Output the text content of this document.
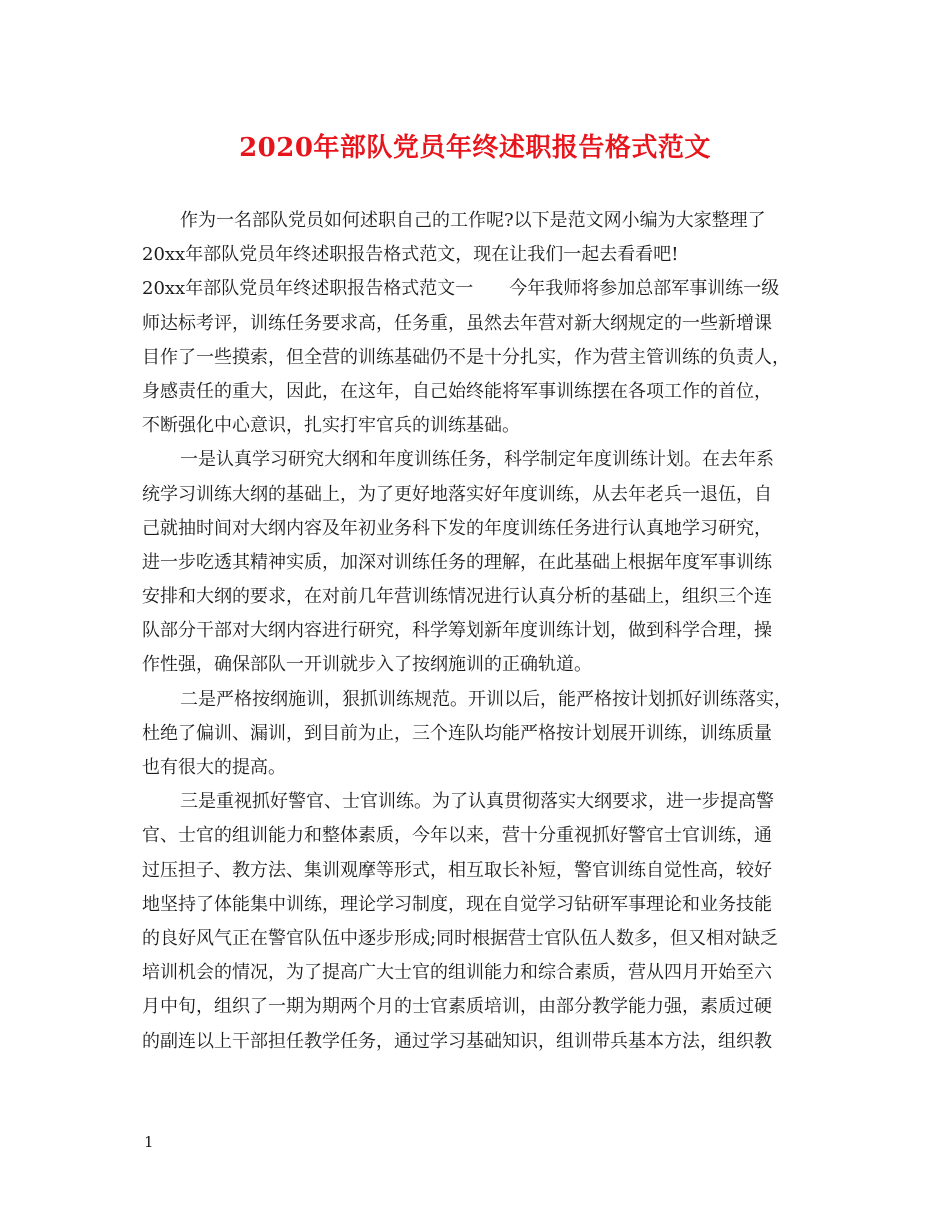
2020年部队党员年终述职报告格式范文
作为一名部队党员如何述职自己的工作呢?以下是范文网小编为大家整理了
20xx年部队党员年终述职报告格式范文，现在让我们一起去看看吧!
20xx年部队党员年终述职报告格式范文一　　今年我师将参加总部军事训练一级
师达标考评，训练任务要求高，任务重，虽然去年营对新大纲规定的一些新增课
目作了一些摸索，但全营的训练基础仍不是十分扎实，作为营主管训练的负责人，
身感责任的重大，因此，在这年，自己始终能将军事训练摆在各项工作的首位，
不断强化中心意识，扎实打牢官兵的训练基础。
一是认真学习研究大纲和年度训练任务，科学制定年度训练计划。在去年系
统学习训练大纲的基础上，为了更好地落实好年度训练，从去年老兵一退伍，自
己就抽时间对大纲内容及年初业务科下发的年度训练任务进行认真地学习研究，
进一步吃透其精神实质，加深对训练任务的理解，在此基础上根据年度军事训练
安排和大纲的要求，在对前几年营训练情况进行认真分析的基础上，组织三个连
队部分干部对大纲内容进行研究，科学筹划新年度训练计划，做到科学合理，操
作性强，确保部队一开训就步入了按纲施训的正确轨道。
二是严格按纲施训，狠抓训练规范。开训以后，能严格按计划抓好训练落实，
杜绝了偏训、漏训，到目前为止，三个连队均能严格按计划展开训练，训练质量
也有很大的提高。
三是重视抓好警官、士官训练。为了认真贯彻落实大纲要求，进一步提高警
官、士官的组训能力和整体素质，今年以来，营十分重视抓好警官士官训练，通
过压担子、教方法、集训观摩等形式，相互取长补短，警官训练自觉性高，较好
地坚持了体能集中训练，理论学习制度，现在自觉学习钻研军事理论和业务技能
的良好风气正在警官队伍中逐步形成;同时根据营士官队伍人数多，但又相对缺乏
培训机会的情况，为了提高广大士官的组训能力和综合素质，营从四月开始至六
月中旬，组织了一期为期两个月的士官素质培训，由部分教学能力强，素质过硬
的副连以上干部担任教学任务，通过学习基础知识，组训带兵基本方法，组织教
1
